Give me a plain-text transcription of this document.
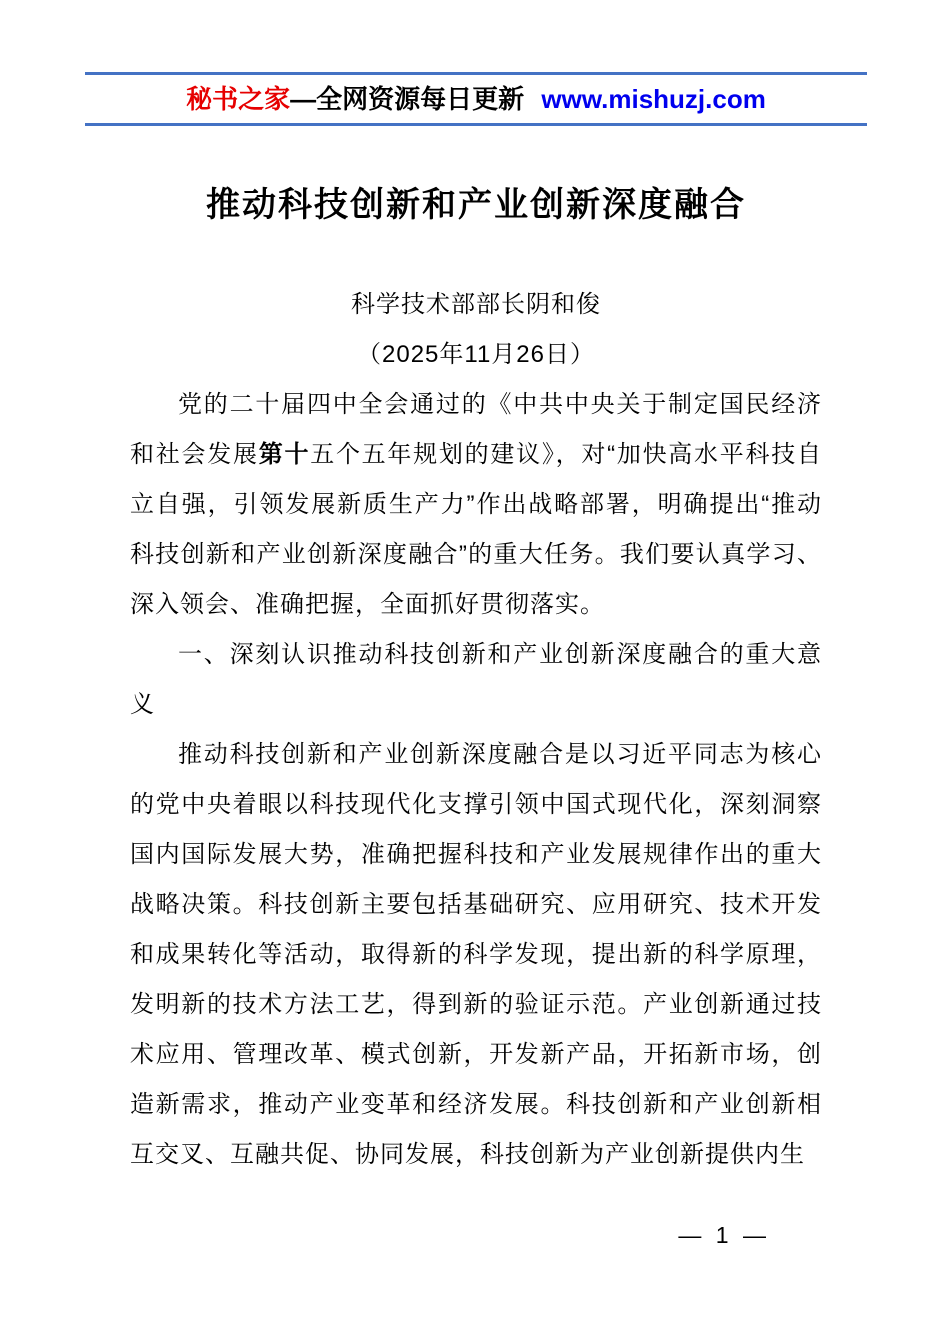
秘书之家—全网资源每日更新 www.mishuzj.com
推动科技创新和产业创新深度融合
科学技术部部长阴和俊
（2025年11月26日）

党的二十届四中全会通过的《中共中央关于制定国民经济和社会发展第十五个五年规划的建议》，对“加快高水平科技自立自强，引领发展新质生产力”作出战略部署，明确提出“推动科技创新和产业创新深度融合”的重大任务。我们要认真学习、深入领会、准确把握，全面抓好贯彻落实。

一、深刻认识推动科技创新和产业创新深度融合的重大意义

推动科技创新和产业创新深度融合是以习近平同志为核心的党中央着眼以科技现代化支撑引领中国式现代化，深刻洞察国内国际发展大势，准确把握科技和产业发展规律作出的重大战略决策。科技创新主要包括基础研究、应用研究、技术开发和成果转化等活动，取得新的科学发现，提出新的科学原理，发明新的技术方法工艺，得到新的验证示范。产业创新通过技术应用、管理改革、模式创新，开发新产品，开拓新市场，创造新需求，推动产业变革和经济发展。科技创新和产业创新相互交叉、互融共促、协同发展，科技创新为产业创新提供内生

— 1 —
